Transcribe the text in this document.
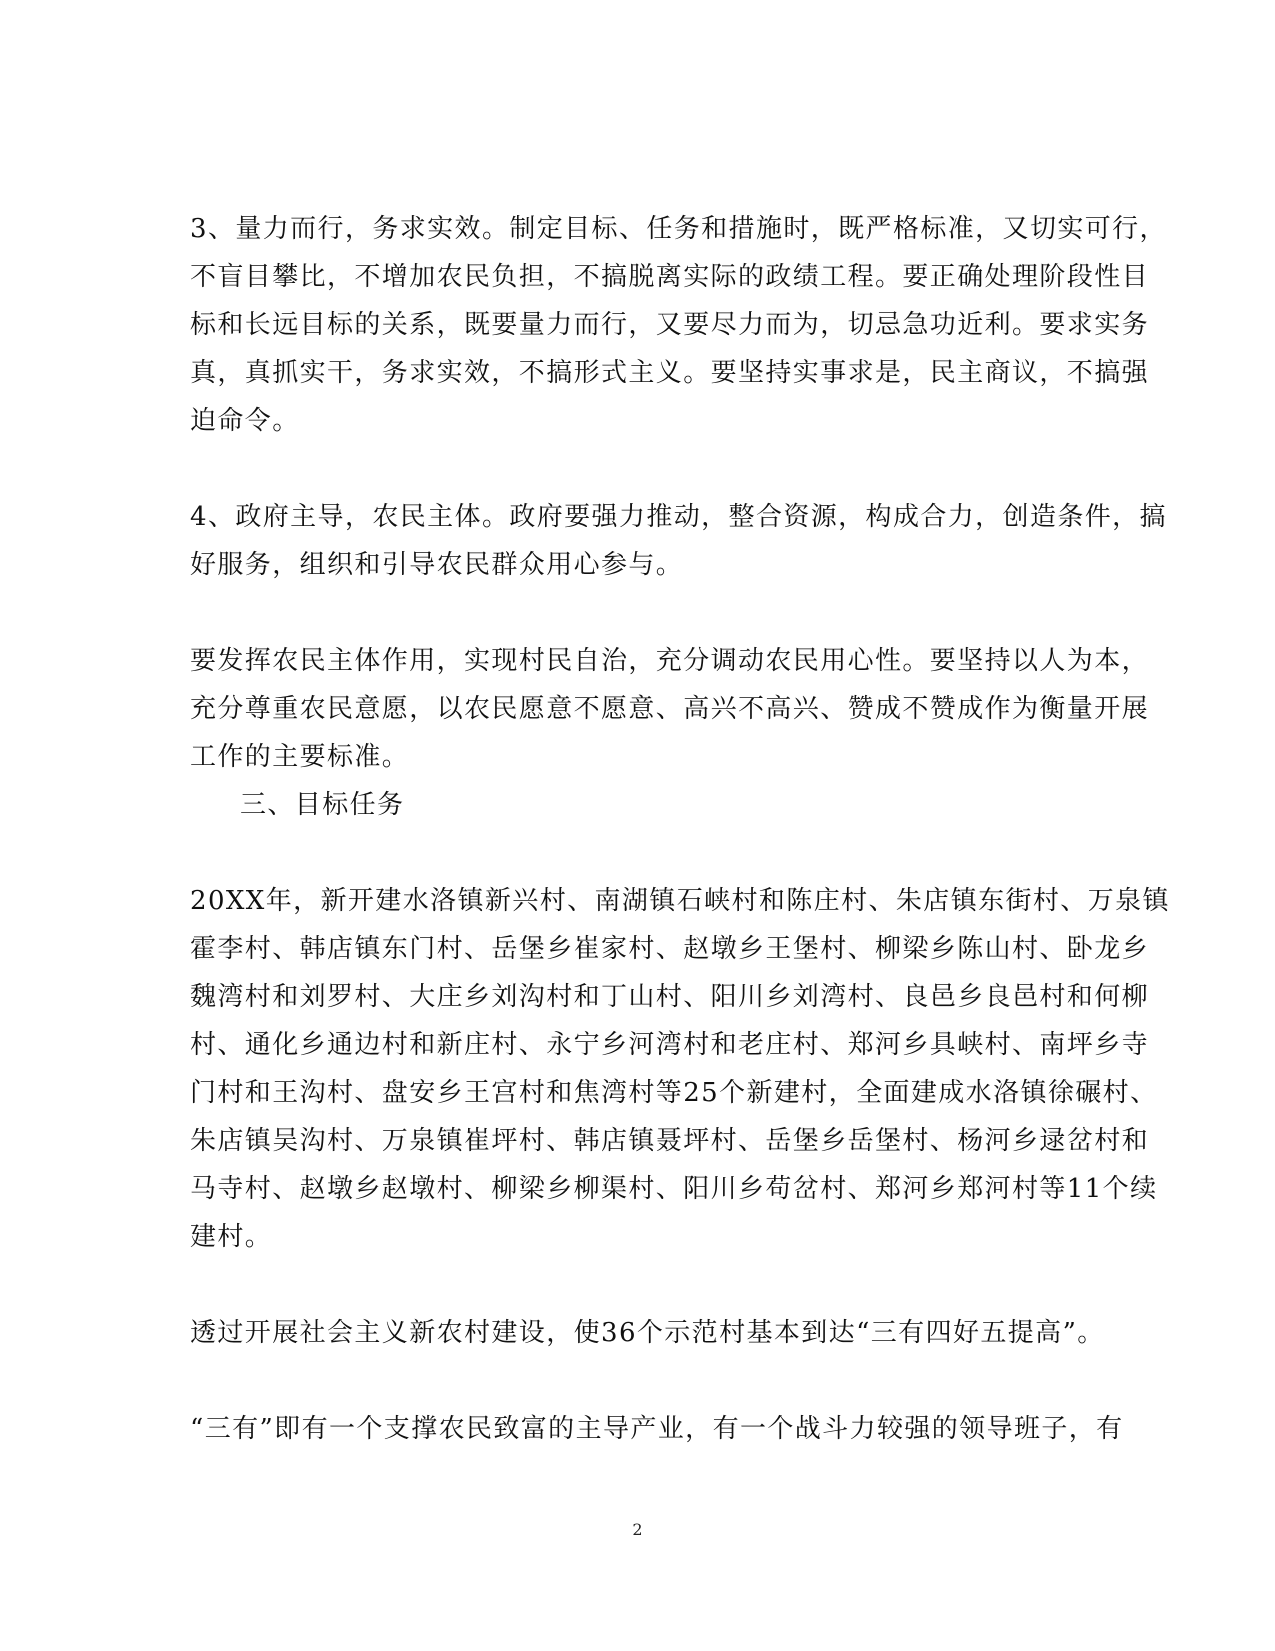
3、量力而行，务求实效。制定目标、任务和措施时，既严格标准，又切实可行，
不盲目攀比，不增加农民负担，不搞脱离实际的政绩工程。要正确处理阶段性目
标和长远目标的关系，既要量力而行，又要尽力而为，切忌急功近利。要求实务
真，真抓实干，务求实效，不搞形式主义。要坚持实事求是，民主商议，不搞强
迫命令。

4、政府主导，农民主体。政府要强力推动，整合资源，构成合力，创造条件，搞
好服务，组织和引导农民群众用心参与。

要发挥农民主体作用，实现村民自治，充分调动农民用心性。要坚持以人为本，
充分尊重农民意愿，以农民愿意不愿意、高兴不高兴、赞成不赞成作为衡量开展
工作的主要标准。

三、目标任务

20XX年，新开建水洛镇新兴村、南湖镇石峡村和陈庄村、朱店镇东街村、万泉镇
霍李村、韩店镇东门村、岳堡乡崔家村、赵墩乡王堡村、柳梁乡陈山村、卧龙乡
魏湾村和刘罗村、大庄乡刘沟村和丁山村、阳川乡刘湾村、良邑乡良邑村和何柳
村、通化乡通边村和新庄村、永宁乡河湾村和老庄村、郑河乡具峡村、南坪乡寺
门村和王沟村、盘安乡王宫村和焦湾村等25个新建村，全面建成水洛镇徐碾村、
朱店镇吴沟村、万泉镇崔坪村、韩店镇聂坪村、岳堡乡岳堡村、杨河乡逯岔村和
马寺村、赵墩乡赵墩村、柳梁乡柳渠村、阳川乡苟岔村、郑河乡郑河村等11个续
建村。

透过开展社会主义新农村建设，使36个示范村基本到达“三有四好五提高”。

“三有”即有一个支撑农民致富的主导产业，有一个战斗力较强的领导班子，有

2
